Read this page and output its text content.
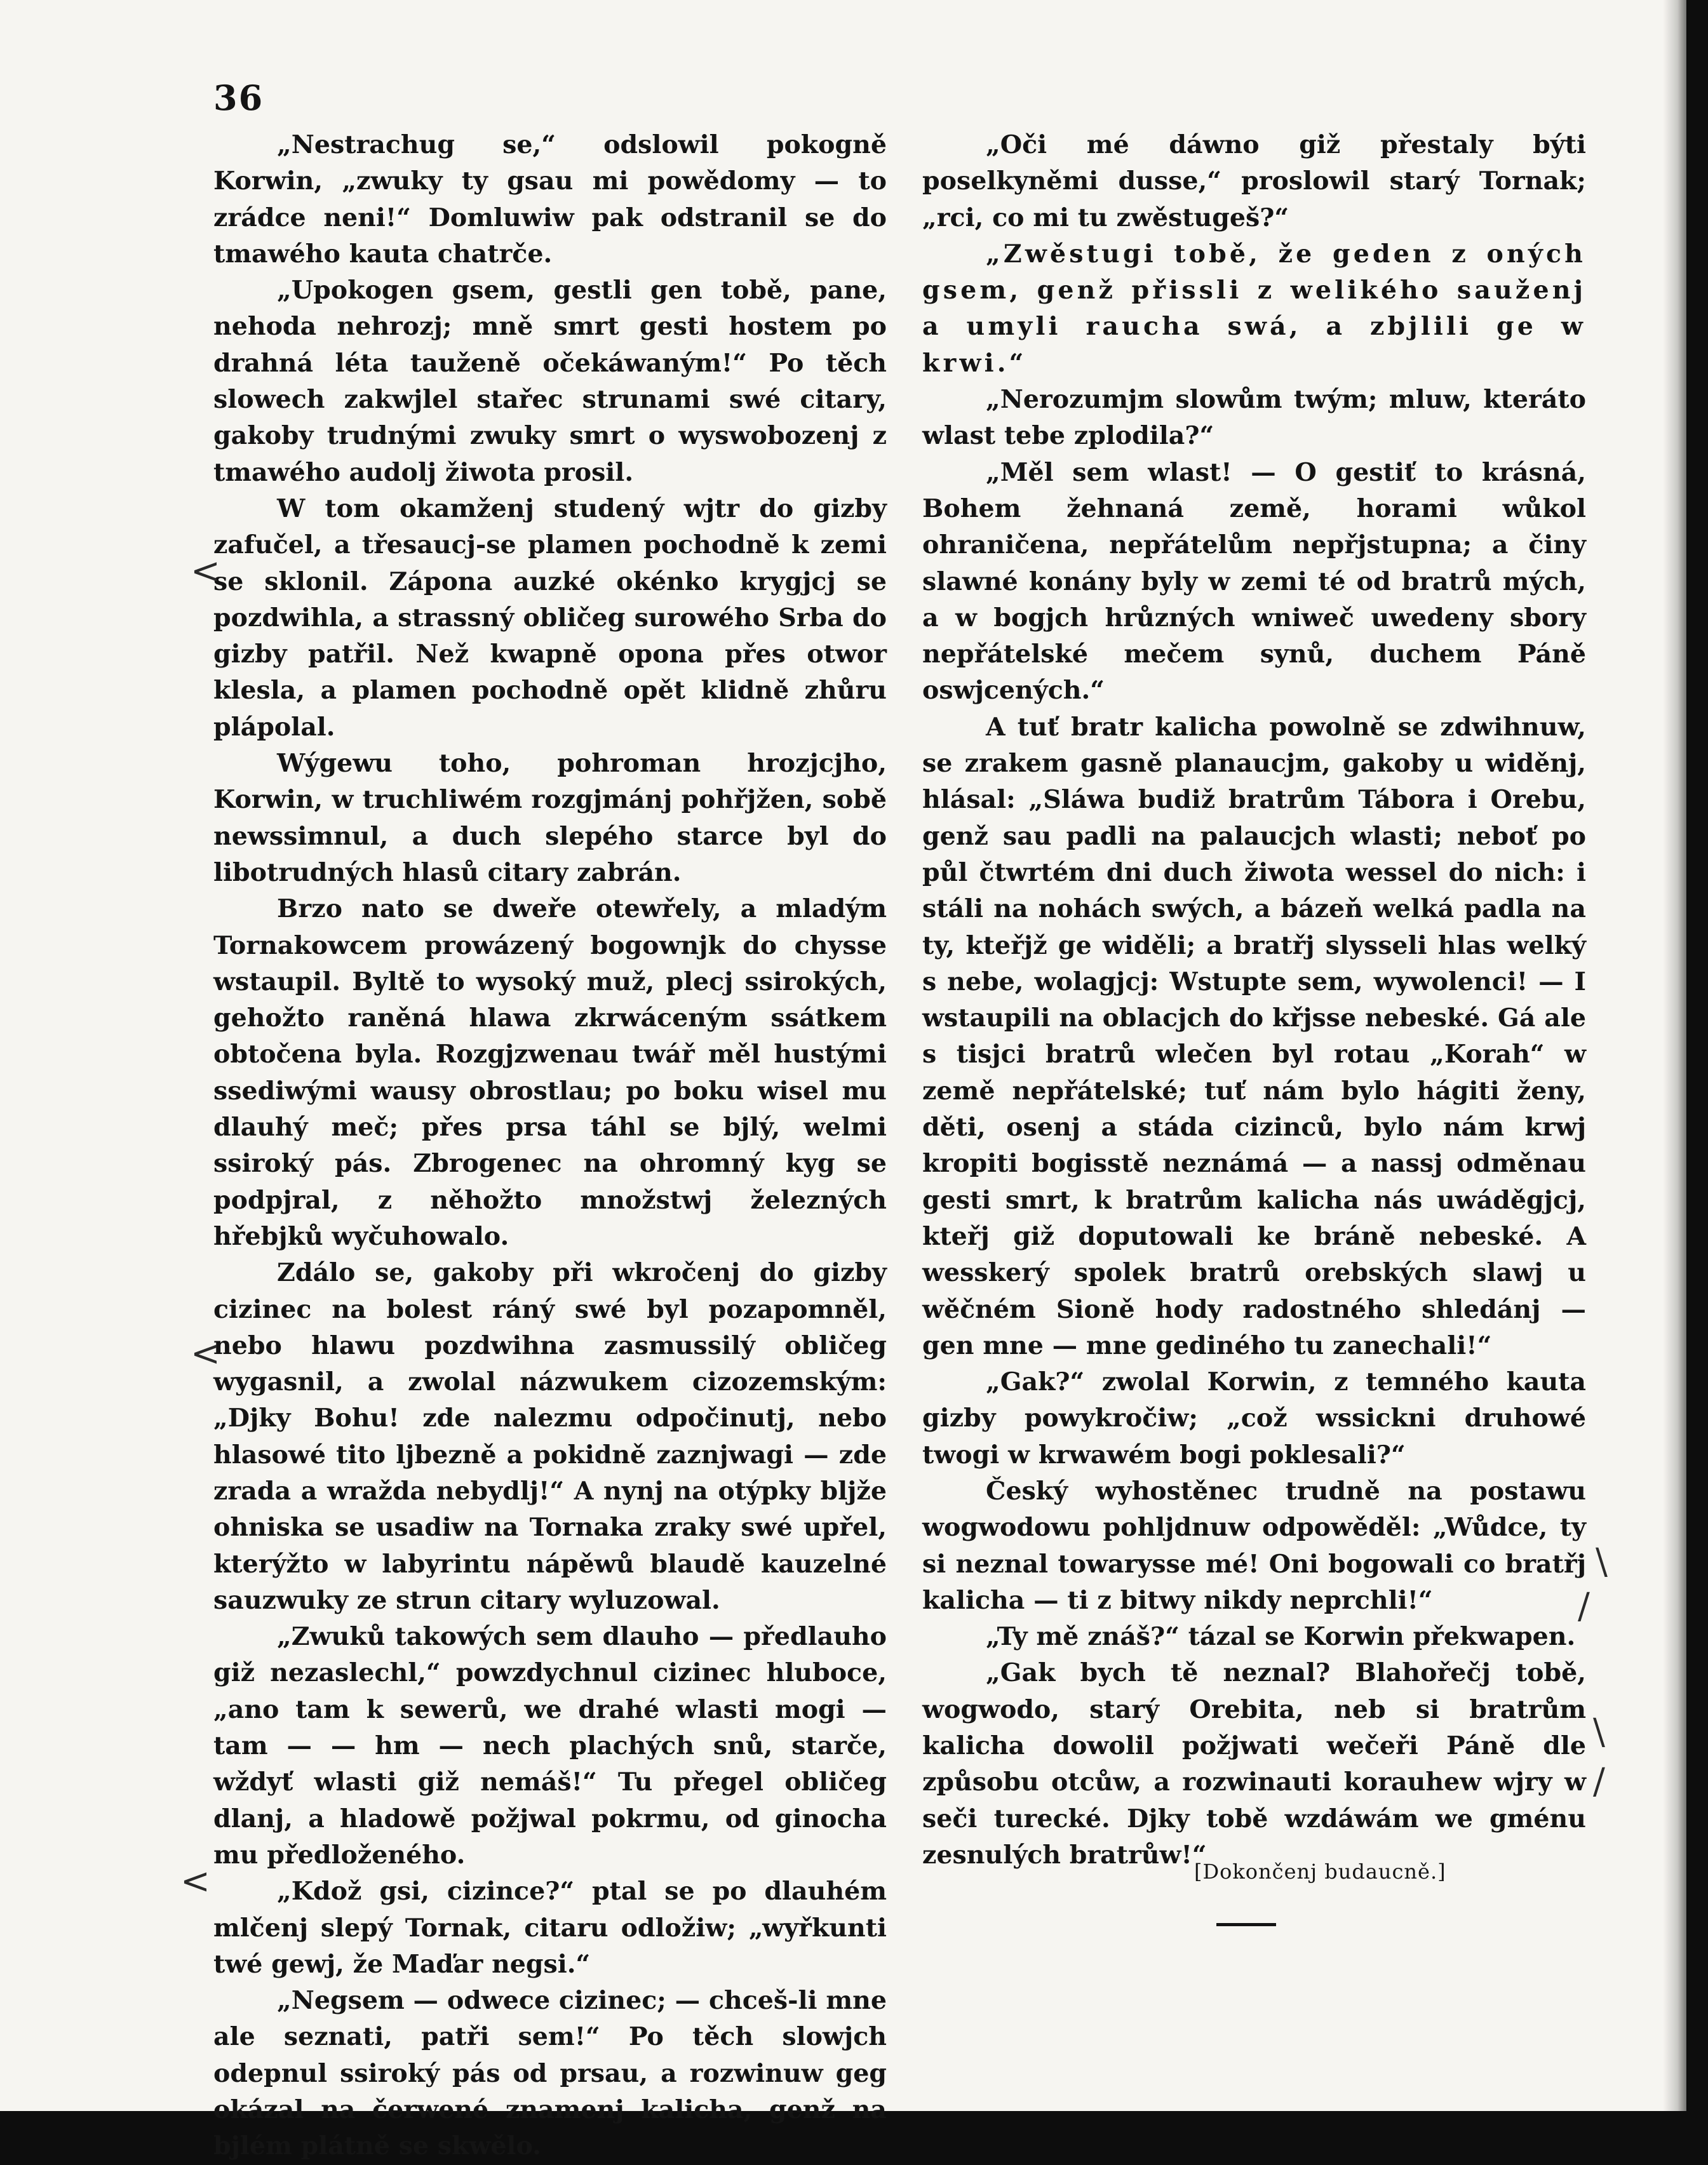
36

„Nestrachug se,“ odslowil pokogně Korwin, „zwuky ty gsau mi powědomy — to zrádce neni!“ Domluwiw pak odstranil se do tmawého kauta chatrče.

„Upokogen gsem, gestli gen tobě, pane, nehoda nehrozj; mně smrt gesti hostem po drahná léta tauženě očekáwaným!“ Po těch slowech zakwjlel stařec strunami swé citary, gakoby trudnými zwuky smrt o wyswobozenj z tmawého audolj žiwota prosil.

W tom okamženj studený wjtr do gizby zafučel, a třesaucj-se plamen pochodně k zemi se sklonil. Zápona auzké okénko krygjcj se pozdwihla, a strassný obličeg surowého Srba do gizby patřil. Než kwapně opona přes otwor klesla, a plamen pochodně opět klidně zhůru plápolal.

Wýgewu toho, pohroman hrozjcjho, Korwin, w truchliwém rozgjmánj pohřjžen, sobě newssimnul, a duch slepého starce byl do libotrudných hlasů citary zabrán.

Brzo nato se dweře otewřely, a mladým Tornakowcem prowázený bogownjk do chysse wstaupil. Byltě to wysoký muž, plecj ssirokých, gehožto raněná hlawa zkrwáceným ssátkem obtočena byla. Rozgjzwenau twář měl hustými ssediwými wausy obrostlau; po boku wisel mu dlauhý meč; přes prsa táhl se bjlý, welmi ssiroký pás. Zbrogenec na ohromný kyg se podpjral, z něhožto množstwj železných hřebjků wyčuhowalo.

Zdálo se, gakoby při wkročenj do gizby cizinec na bolest ráný swé byl pozapomněl, nebo hlawu pozdwihna zasmussilý obličeg wygasnil, a zwolal názwukem cizozemským: „Djky Bohu! zde nalezmu odpočinutj, nebo hlasowé tito ljbezně a pokidně zaznjwagi — zde zrada a wražda nebydlj!“ A nynj na otýpky bljže ohniska se usadiw na Tornaka zraky swé upřel, kterýžto w labyrintu nápěwů blaudě kauzelné sauzwuky ze strun citary wyluzowal.

„Zwuků takowých sem dlauho — předlauho giž nezaslechl,“ powzdychnul cizinec hluboce, „ano tam k sewerů, we drahé wlasti mogi — tam — — hm — nech plachých snů, starče, wždyť wlasti giž nemáš!“ Tu přegel obličeg dlanj, a hladowě požjwal pokrmu, od ginocha mu předloženého.

„Kdož gsi, cizince?“ ptal se po dlauhém mlčenj slepý Tornak, citaru odložiw; „wyřkunti twé gewj, že Maďar negsi.“

„Negsem — odwece cizinec; — chceš-li mne ale seznati, patři sem!“ Po těch slowjch odepnul ssiroký pás od prsau, a rozwinuw geg okázal na čerwené znamenj kalicha, genž na bjlém plátně se skwělo.

„Oči mé dáwno giž přestaly býti poselkyněmi dusse,“ proslowil starý Tornak; „rci, co mi tu zwěstugeš?“

„Zwěstugi tobě, že geden z oných gsem, genž přissli z welikého sauženj a umyli raucha swá, a zbjlili ge w krwi.“

„Nerozumjm slowům twým; mluw, kteráto wlast tebe zplodila?“

„Měl sem wlast! — O gestiť to krásná, Bohem žehnaná země, horami wůkol ohraničena, nepřátelům nepřjstupna; a činy slawné konány byly w zemi té od bratrů mých, a w bogjch hrůzných wniweč uwedeny sbory nepřátelské mečem synů, duchem Páně oswjcených.“

A tuť bratr kalicha powolně se zdwihnuw, se zrakem gasně planaucjm, gakoby u widěnj, hlásal: „Sláwa budiž bratrům Tábora i Orebu, genž sau padli na palaucjch wlasti; neboť po půl čtwrtém dni duch žiwota wessel do nich: i stáli na nohách swých, a bázeň welká padla na ty, kteřjž ge widěli; a bratřj slysseli hlas welký s nebe, wolagjcj: Wstupte sem, wywolenci! — I wstaupili na oblacjch do křjsse nebeské. Gá ale s tisjci bratrů wlečen byl rotau „Korah“ w země nepřátelské; tuť nám bylo hágiti ženy, děti, osenj a stáda cizinců, bylo nám krwj kropiti bogisstě neznámá — a nassj odměnau gesti smrt, k bratrům kalicha nás uwáděgjcj, kteřj giž doputowali ke bráně nebeské. A wesskerý spolek bratrů orebských slawj u wěčném Sioně hody radostného shledánj — gen mne — mne gediného tu zanechali!“

„Gak?“ zwolal Korwin, z temného kauta gizby powykročiw; „což wssickni druhowé twogi w krwawém bogi poklesali?“

Český wyhostěnec trudně na postawu wogwodowu pohljdnuw odpowěděl: „Wůdce, ty si neznal towarysse mé! Oni bogowali co bratřj kalicha — ti z bitwy nikdy neprchli!“

„Ty mě znáš?“ tázal se Korwin překwapen.

„Gak bych tě neznal? Blahořečj tobě, wogwodo, starý Orebita, neb si bratrům kalicha dowolil požjwati wečeři Páně dle způsobu otcůw, a rozwinauti korauhew wjry w seči turecké. Djky tobě wzdáwám we gménu zesnulých bratrůw!“

[Dokončenj budaucně.]
<
<
<
\
/
\
/
